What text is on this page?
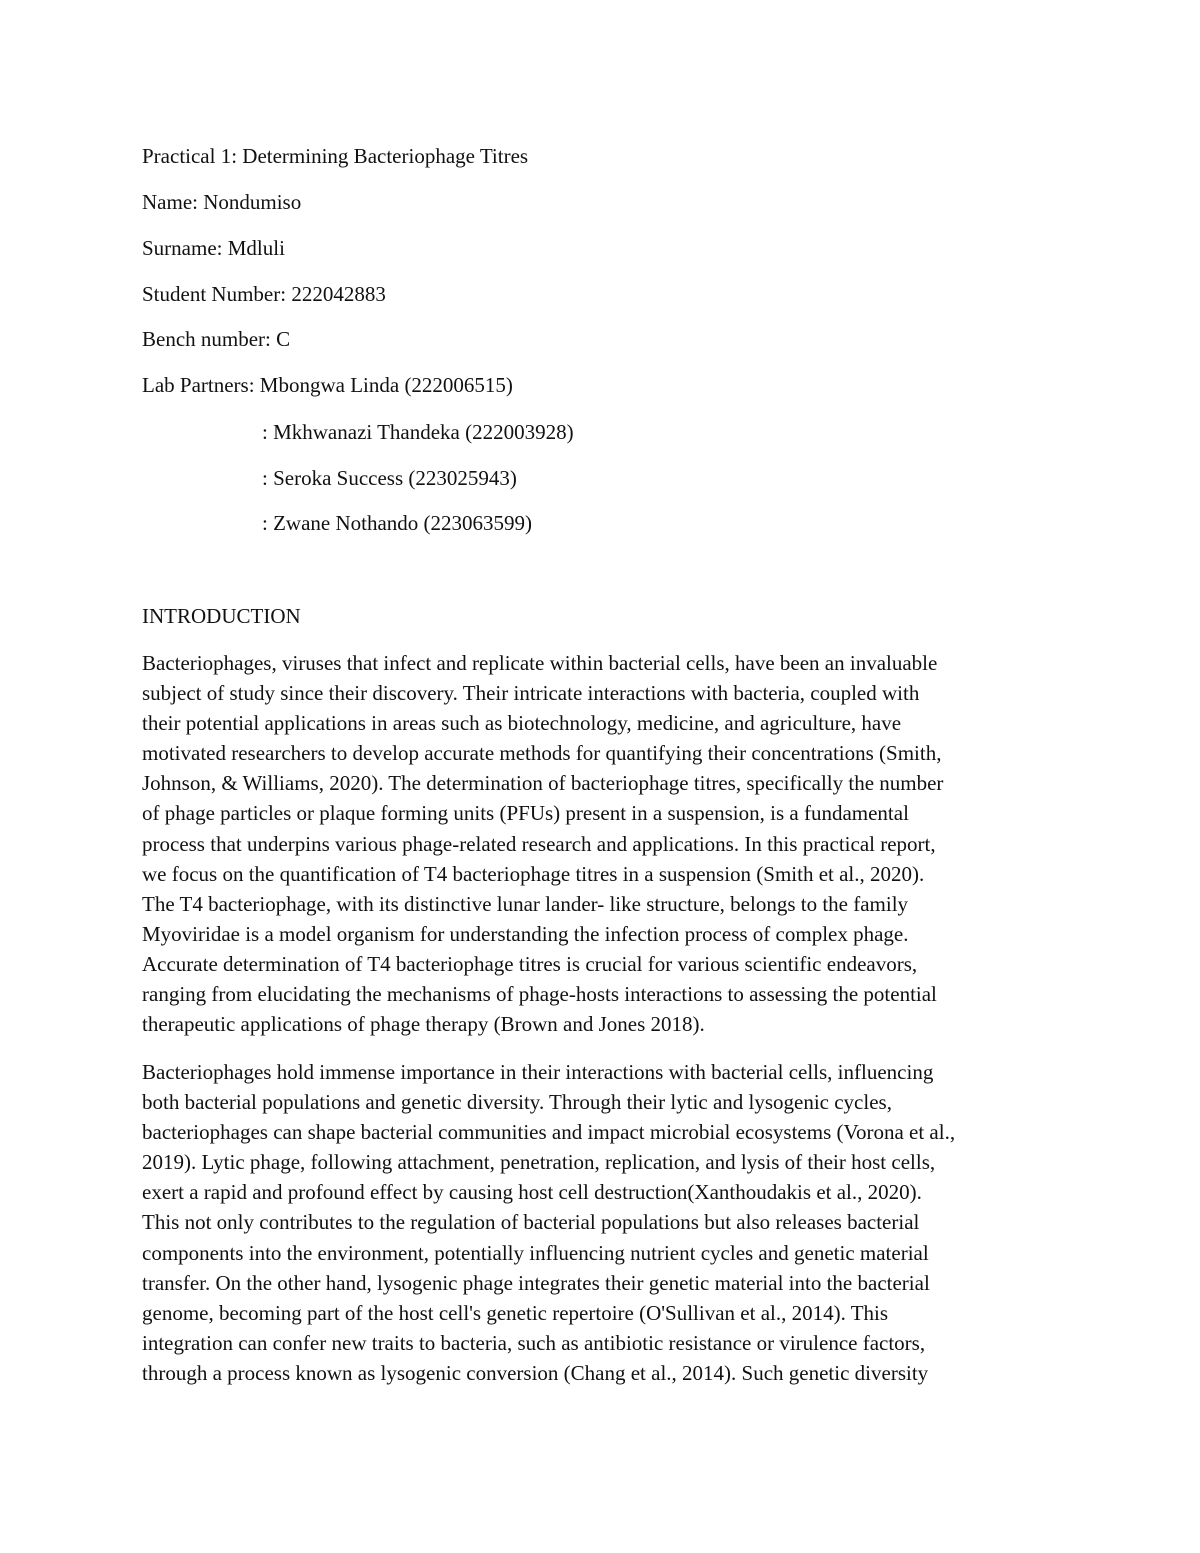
Practical 1: Determining Bacteriophage Titres
Name: Nondumiso
Surname: Mdluli
Student Number: 222042883
Bench number: C
Lab Partners: Mbongwa Linda (222006515)
: Mkhwanazi Thandeka (222003928)
: Seroka Success (223025943)
: Zwane Nothando (223063599)
INTRODUCTION

Bacteriophages, viruses that infect and replicate within bacterial cells, have been an invaluable
subject of study since their discovery. Their intricate interactions with bacteria, coupled with
their potential applications in areas such as biotechnology, medicine, and agriculture, have
motivated researchers to develop accurate methods for quantifying their concentrations (Smith,
Johnson, & Williams, 2020). The determination of bacteriophage titres, specifically the number
of phage particles or plaque forming units (PFUs) present in a suspension, is a fundamental
process that underpins various phage-related research and applications. In this practical report,
we focus on the quantification of T4 bacteriophage titres in a suspension (Smith et al., 2020).
The T4 bacteriophage, with its distinctive lunar lander- like structure, belongs to the family
Myoviridae is a model organism for understanding the infection process of complex phage.
Accurate determination of T4 bacteriophage titres is crucial for various scientific endeavors,
ranging from elucidating the mechanisms of phage-hosts interactions to assessing the potential
therapeutic applications of phage therapy (Brown and Jones 2018).

Bacteriophages hold immense importance in their interactions with bacterial cells, influencing
both bacterial populations and genetic diversity. Through their lytic and lysogenic cycles,
bacteriophages can shape bacterial communities and impact microbial ecosystems (Vorona et al.,
2019). Lytic phage, following attachment, penetration, replication, and lysis of their host cells,
exert a rapid and profound effect by causing host cell destruction(Xanthoudakis et al., 2020).
This not only contributes to the regulation of bacterial populations but also releases bacterial
components into the environment, potentially influencing nutrient cycles and genetic material
transfer. On the other hand, lysogenic phage integrates their genetic material into the bacterial
genome, becoming part of the host cell's genetic repertoire (O'Sullivan et al., 2014). This
integration can confer new traits to bacteria, such as antibiotic resistance or virulence factors,
through a process known as lysogenic conversion (Chang et al., 2014). Such genetic diversity
